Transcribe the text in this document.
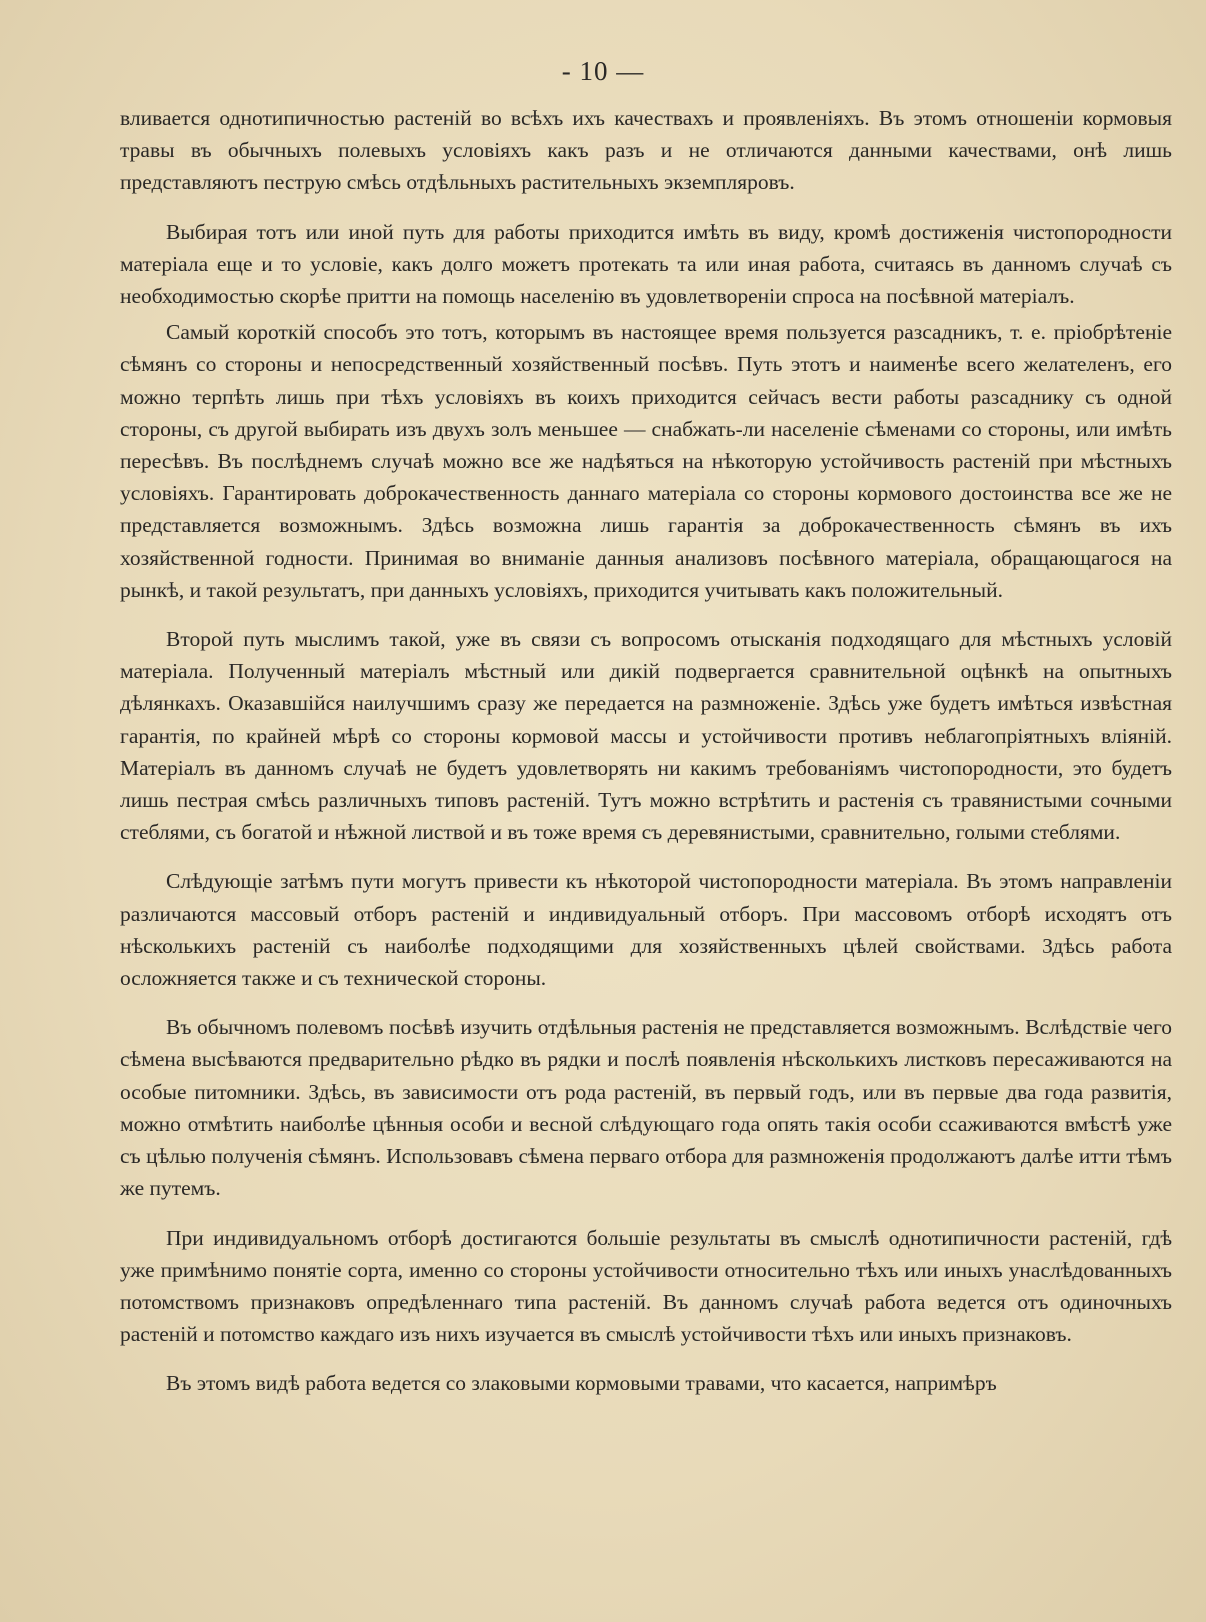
- 10 —

вливается однотипичностью растенiй во всѣхъ ихъ качествахъ и проявленiяхъ. Въ этомъ отношенiи кормовыя травы въ обычныхъ полевыхъ условiяхъ какъ разъ и не отличаются данными качествами, онѣ лишь представляютъ пеструю смѣсь отдѣльныхъ растительныхъ экземпляровъ.

Выбирая тотъ или иной путь для работы приходится имѣть въ виду, кромѣ достиженiя чистопородности матерiала еще и то условiе, какъ долго можетъ протекать та или иная работа, считаясь въ данномъ случаѣ съ необходимостью скорѣе притти на помощь населенiю въ удовлетворенiи спроса на посѣвной матерiалъ.

Самый короткiй способъ это тотъ, которымъ въ настоящее время пользуется разсадникъ, т. е. прiобрѣтенiе сѣмянъ со стороны и непосредственный хозяйственный посѣвъ. Путь этотъ и наименѣе всего желателенъ, его можно терпѣть лишь при тѣхъ условiяхъ въ коихъ приходится сейчасъ вести работы разсаднику съ одной стороны, съ другой выбирать изъ двухъ золъ меньшее — снабжать-ли населенiе сѣменами со стороны, или имѣть пересѣвъ. Въ послѣднемъ случаѣ можно все же надѣяться на нѣкоторую устойчивость растенiй при мѣстныхъ условiяхъ. Гарантировать доброкачественность даннаго матерiала со стороны кормового достоинства все же не представляется возможнымъ. Здѣсь возможна лишь гарантiя за доброкачественность сѣмянъ въ ихъ хозяйственной годности. Принимая во вниманiе данныя анализовъ посѣвного матерiала, обращающагося на рынкѣ, и такой результатъ, при данныхъ условiяхъ, приходится учитывать какъ положительный.

Второй путь мыслимъ такой, уже въ связи съ вопросомъ отысканiя подходящаго для мѣстныхъ условiй матерiала. Полученный матерiалъ мѣстный или дикiй подвергается сравнительной оцѣнкѣ на опытныхъ дѣлянкахъ. Оказавшiйся наилучшимъ сразу же передается на размноженiе. Здѣсь уже будетъ имѣться извѣстная гарантiя, по крайней мѣрѣ со стороны кормовой массы и устойчивости противъ неблагопрiятныхъ влiянiй. Матерiалъ въ данномъ случаѣ не будетъ удовлетворять ни какимъ требованiямъ чистопородности, это будетъ лишь пестрая смѣсь различныхъ типовъ растенiй. Тутъ можно встрѣтить и растенiя съ травянистыми сочными стеблями, съ богатой и нѣжной листвой и въ тоже время съ деревянистыми, сравнительно, голыми стеблями.

Слѣдующiе затѣмъ пути могутъ привести къ нѣкоторой чистопородности матерiала. Въ этомъ направленiи различаются массовый отборъ растенiй и индивидуальный отборъ. При массовомъ отборѣ исходятъ отъ нѣсколькихъ растенiй съ наиболѣе подходящими для хозяйственныхъ цѣлей свойствами. Здѣсь работа осложняется также и съ технической стороны.

Въ обычномъ полевомъ посѣвѣ изучить отдѣльныя растенiя не представляется возможнымъ. Вслѣдствiе чего сѣмена высѣваются предварительно рѣдко въ рядки и послѣ появленiя нѣсколькихъ листковъ пересаживаются на особые питомники. Здѣсь, въ зависимости отъ рода растенiй, въ первый годъ, или въ первые два года развитiя, можно отмѣтить наиболѣе цѣнныя особи и весной слѣдующаго года опять такiя особи ссаживаются вмѣстѣ уже съ цѣлью полученiя сѣмянъ. Использовавъ сѣмена перваго отбора для размноженiя продолжаютъ далѣе итти тѣмъ же путемъ.

При индивидуальномъ отборѣ достигаются большiе результаты въ смыслѣ однотипичности растенiй, гдѣ уже примѣнимо понятiе сорта, именно со стороны устойчивости относительно тѣхъ или иныхъ унаслѣдованныхъ потомствомъ признаковъ опредѣленнаго типа растенiй. Въ данномъ случаѣ работа ведется отъ одиночныхъ растенiй и потомство каждаго изъ нихъ изучается въ смыслѣ устойчивости тѣхъ или иныхъ признаковъ.

Въ этомъ видѣ работа ведется со злаковыми кормовыми травами, что касается, напримѣръ
